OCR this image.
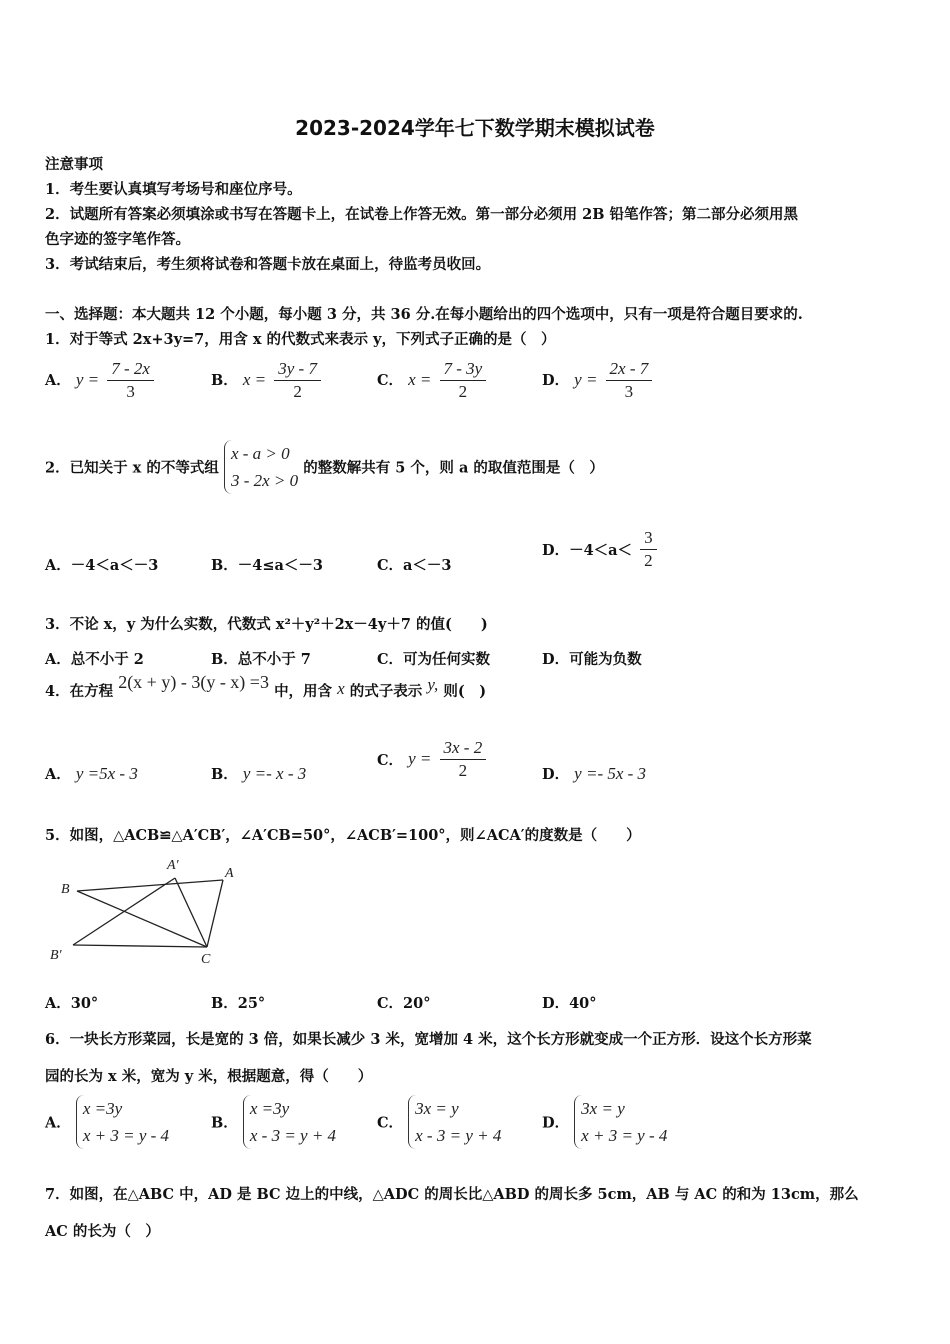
2023-2024学年七下数学期末模拟试卷
注意事项
1．考生要认真填写考场号和座位序号。
2．试题所有答案必须填涂或书写在答题卡上，在试卷上作答无效。第一部分必须用 2B 铅笔作答；第二部分必须用黑
色字迹的签字笔作答。
3．考试结束后，考生须将试卷和答题卡放在桌面上，待监考员收回。
一、选择题：本大题共 12 个小题，每小题 3 分，共 36 分.在每小题给出的四个选项中，只有一项是符合题目要求的.
1．对于等式 2x+3y=7，用含 x 的代数式来表示 y，下列式子正确的是（　）
A． $y = \frac{7 - 2x}{3}$	B． $x = \frac{3y - 7}{2}$	C． $x = \frac{7 - 3y}{2}$	D． $y = \frac{2x - 7}{3}$
2．已知关于 x 的不等式组
x - a > 0
3 - 2x > 0
的整数解共有 5 个，则 a 的取值范围是（　）
A．－4＜a＜－3	B．－4≤a＜－3	C．a＜－3
D．$-4<a< \frac{3}{2}$
3．不论 x，y 为什么实数，代数式 x²＋y²＋2x－4y＋7 的值(　　)
A．总不小于 2	B．总不小于 7	C．可为任何实数	D．可能为负数
4．在方程 2(x + y) - 3(y - x) =3 中，用含 x 的式子表示 y, 则(　)
A． y =5x - 3	B． y =- x - 3
C． $y = \frac{3x - 2}{2}$	D． y =- 5x - 3
5．如图，△ACB≌△A′CB′，∠A′CB=50°，∠ACB′=100°，则∠ACA′的度数是（　　）
B
A′
A
B′	C
A．30°	B．25°	C．20°	D．40°
6．一块长方形菜园，长是宽的 3 倍，如果长减少 3 米，宽增加 4 米，这个长方形就变成一个正方形．设这个长方形菜
园的长为 x 米，宽为 y 米，根据题意，得（　　）
A．
x =3y
x + 3 = y - 4
B．
x =3y
x - 3 = y + 4
C．
3x = y
x - 3 = y + 4
D．
3x = y
x + 3 = y - 4
7．如图，在△ABC 中，AD 是 BC 边上的中线，△ADC 的周长比△ABD 的周长多 5cm，AB 与 AC 的和为 13cm，那么
AC 的长为（　）
